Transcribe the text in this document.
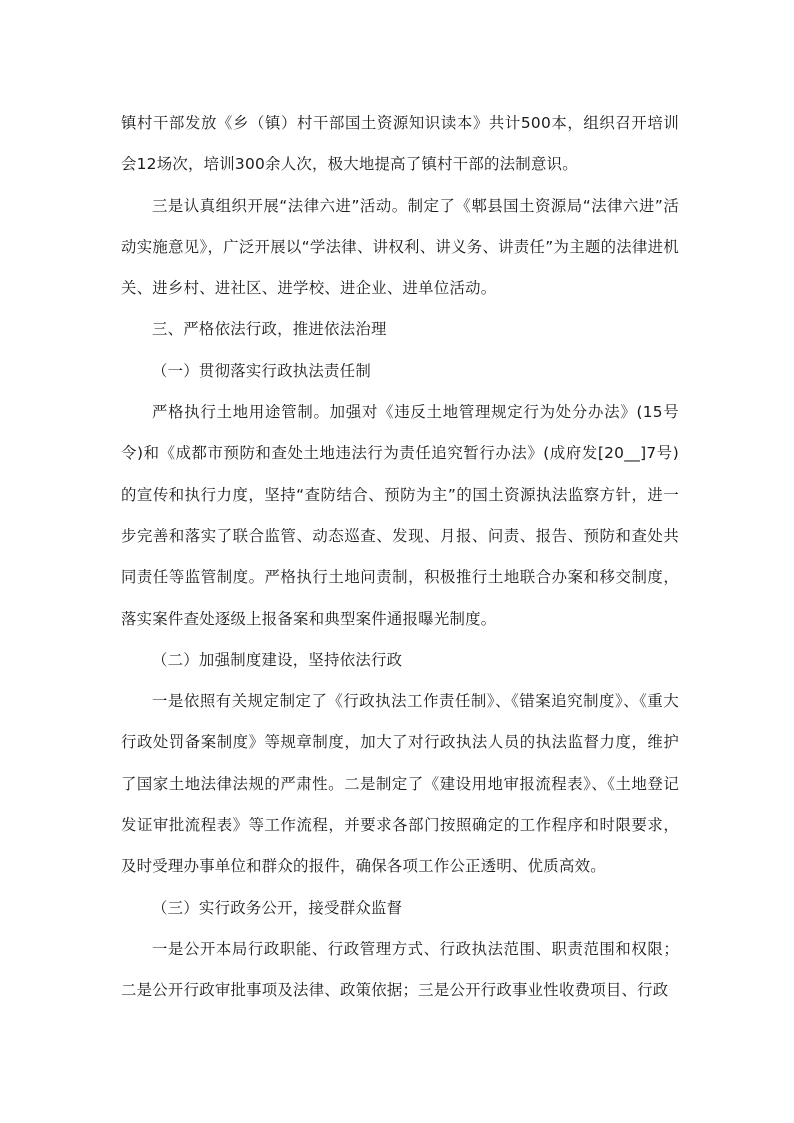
镇村干部发放《乡（镇）村干部国土资源知识读本》共计500本，组织召开培训会12场次，培训300余人次，极大地提高了镇村干部的法制意识。

三是认真组织开展“法律六进”活动。制定了《郫县国土资源局“法律六进”活动实施意见》，广泛开展以“学法律、讲权利、讲义务、讲责任”为主题的法律进机关、进乡村、进社区、进学校、进企业、进单位活动。

三、严格依法行政，推进依法治理

（一）贯彻落实行政执法责任制

严格执行土地用途管制。加强对《违反土地管理规定行为处分办法》(15号令)和《成都市预防和查处土地违法行为责任追究暂行办法》(成府发[20__]7号)的宣传和执行力度，坚持“查防结合、预防为主”的国土资源执法监察方针，进一步完善和落实了联合监管、动态巡查、发现、月报、问责、报告、预防和查处共同责任等监管制度。严格执行土地问责制，积极推行土地联合办案和移交制度，落实案件查处逐级上报备案和典型案件通报曝光制度。

（二）加强制度建设，坚持依法行政

一是依照有关规定制定了《行政执法工作责任制》、《错案追究制度》、《重大行政处罚备案制度》等规章制度，加大了对行政执法人员的执法监督力度，维护了国家土地法律法规的严肃性。二是制定了《建设用地审报流程表》、《土地登记发证审批流程表》等工作流程，并要求各部门按照确定的工作程序和时限要求，及时受理办事单位和群众的报件，确保各项工作公正透明、优质高效。

（三）实行政务公开，接受群众监督

一是公开本局行政职能、行政管理方式、行政执法范围、职责范围和权限；二是公开行政审批事项及法律、政策依据；三是公开行政事业性收费项目、行政
